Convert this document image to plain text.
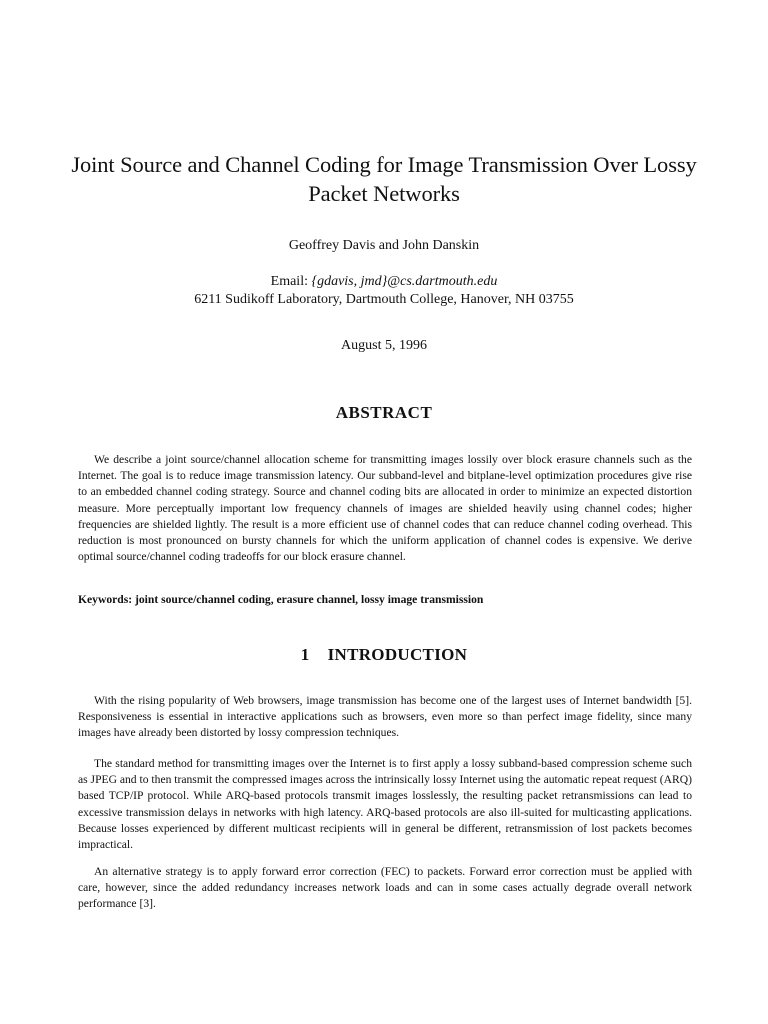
Joint Source and Channel Coding for Image Transmission Over Lossy
Packet Networks
Geoffrey Davis and John Danskin
Email: {gdavis, jmd}@cs.dartmouth.edu
6211 Sudikoff Laboratory, Dartmouth College, Hanover, NH 03755
August 5, 1996
ABSTRACT

We describe a joint source/channel allocation scheme for transmitting images lossily over block erasure channels such as the Internet. The goal is to reduce image transmission latency. Our subband-level and bitplane-level optimization procedures give rise to an embedded channel coding strategy. Source and channel coding bits are allocated in order to minimize an expected distortion measure. More perceptually important low frequency channels of images are shielded heavily using channel codes; higher frequencies are shielded lightly. The result is a more efficient use of channel codes that can reduce channel coding overhead. This reduction is most pronounced on bursty channels for which the uniform application of channel codes is expensive. We derive optimal source/channel coding tradeoffs for our block erasure channel.

Keywords: joint source/channel coding, erasure channel, lossy image transmission

1 INTRODUCTION

With the rising popularity of Web browsers, image transmission has become one of the largest uses of Internet bandwidth [5]. Responsiveness is essential in interactive applications such as browsers, even more so than perfect image fidelity, since many images have already been distorted by lossy compression techniques.

The standard method for transmitting images over the Internet is to first apply a lossy subband-based compression scheme such as JPEG and to then transmit the compressed images across the intrinsically lossy Internet using the automatic repeat request (ARQ) based TCP/IP protocol. While ARQ-based protocols transmit images losslessly, the resulting packet retransmissions can lead to excessive transmission delays in networks with high latency. ARQ-based protocols are also ill-suited for multicasting applications. Because losses experienced by different multicast recipients will in general be different, retransmission of lost packets becomes impractical.

An alternative strategy is to apply forward error correction (FEC) to packets. Forward error correction must be applied with care, however, since the added redundancy increases network loads and can in some cases actually degrade overall network performance [3].
